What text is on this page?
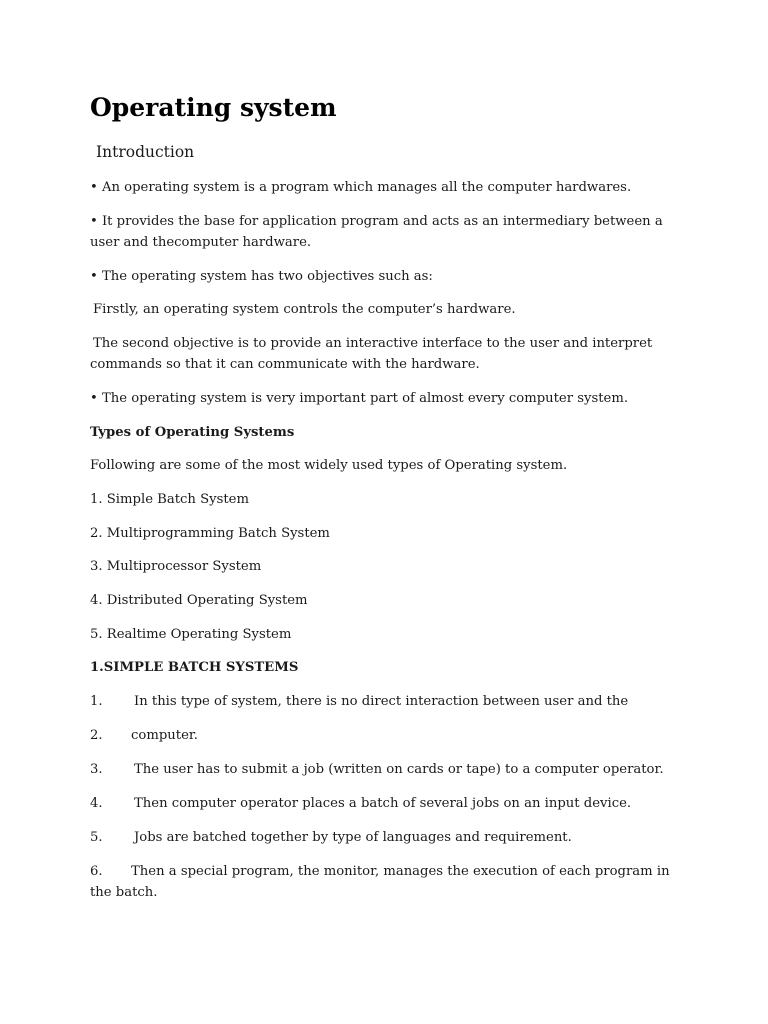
Operating system

Introduction

• An operating system is a program which manages all the computer hardwares.

• It provides the base for application program and acts as an intermediary between a user and thecomputer hardware.

• The operating system has two objectives such as:

Firstly, an operating system controls the computer’s hardware.

The second objective is to provide an interactive interface to the user and interpret commands so that it can communicate with the hardware.

• The operating system is very important part of almost every computer system.

Types of Operating Systems

Following are some of the most widely used types of Operating system.

1. Simple Batch System

2. Multiprogramming Batch System

3. Multiprocessor System

4. Distributed Operating System

5. Realtime Operating System

1.SIMPLE BATCH SYSTEMS

1. In this type of system, there is no direct interaction between user and the

2. computer.

3. The user has to submit a job (written on cards or tape) to a computer operator.

4. Then computer operator places a batch of several jobs on an input device.

5. Jobs are batched together by type of languages and requirement.

6. Then a special program, the monitor, manages the execution of each program in the batch.
